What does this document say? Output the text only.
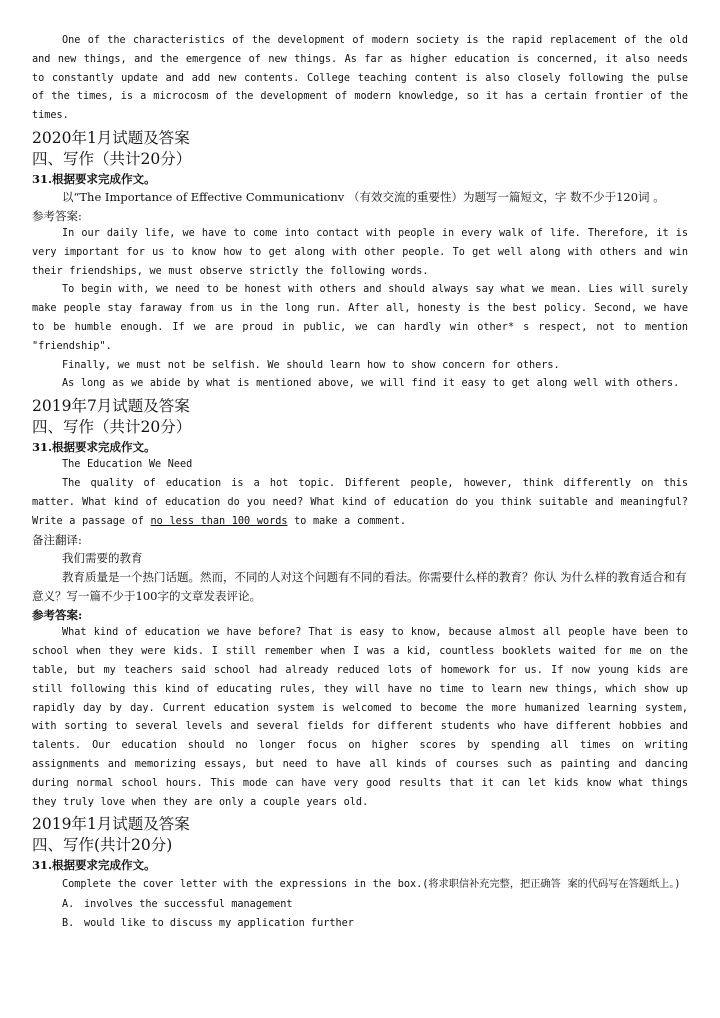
One of the characteristics of the development of modern society is the rapid replacement of the old and new things, and the emergence of new things. As far as higher education is concerned, it also needs to constantly update and add new contents. College teaching content is also closely following the pulse of the times, is a microcosm of the development of modern knowledge, so it has a certain frontier of the times.

2020年1月试题及答案

四、写作（共计20分）

31.根据要求完成作文。

以“The Importance of Effective Communicationv （有效交流的重要性）为题写一篇短文，字 数不少于120词 。

参考答案:

In our daily life, we have to come into contact with people in every walk of life. Therefore, it is very important for us to know how to get along with other people. To get well along with others and win their friendships, we must observe strictly the following words.

To begin with, we need to be honest with others and should always say what we mean. Lies will surely make people stay faraway from us in the long run. After all, honesty is the best policy. Second, we have to be humble enough. If we are proud in public, we can hardly win other* s respect, not to mention "friendship".

Finally, we must not be selfish. We should learn how to show concern for others.

As long as we abide by what is mentioned above, we will find it easy to get along well with others.

2019年7月试题及答案

四、写作（共计20分）

31.根据要求完成作文。

The Education We Need

The quality of education is a hot topic. Different people, however, think differently on this matter. What kind of education do you need? What kind of education do you think suitable and meaningful? Write a passage of no less than 100 words to make a comment.

备注翻译:

我们需要的教育

教育质量是一个热门话题。然而，不同的人对这个问题有不同的看法。你需要什么样的教育？你认 为什么样的教育适合和有意义？写一篇不少于100字的文章发表评论。

参考答案:

What kind of education we have before? That is easy to know, because almost all people have been to school when they were kids. I still remember when I was a kid, countless booklets waited for me on the table, but my teachers said school had already reduced lots of homework for us. If now young kids are still following this kind of educating rules, they will have no time to learn new things, which show up rapidly day by day. Current education system is welcomed to become the more humanized learning system, with sorting to several levels and several fields for different students who have different hobbies and talents. Our education should no longer focus on higher scores by spending all times on writing assignments and memorizing essays, but need to have all kinds of courses such as painting and dancing during normal school hours. This mode can have very good results that it can let kids know what things they truly love when they are only a couple years old.

2019年1月试题及答案

四、写作(共计20分)

31.根据要求完成作文。

Complete the cover letter with the expressions in the box.(将求职信补充完整，把正确答 案的代码写在答题纸上。)

A. involves the successful management

B. would like to discuss my application further
